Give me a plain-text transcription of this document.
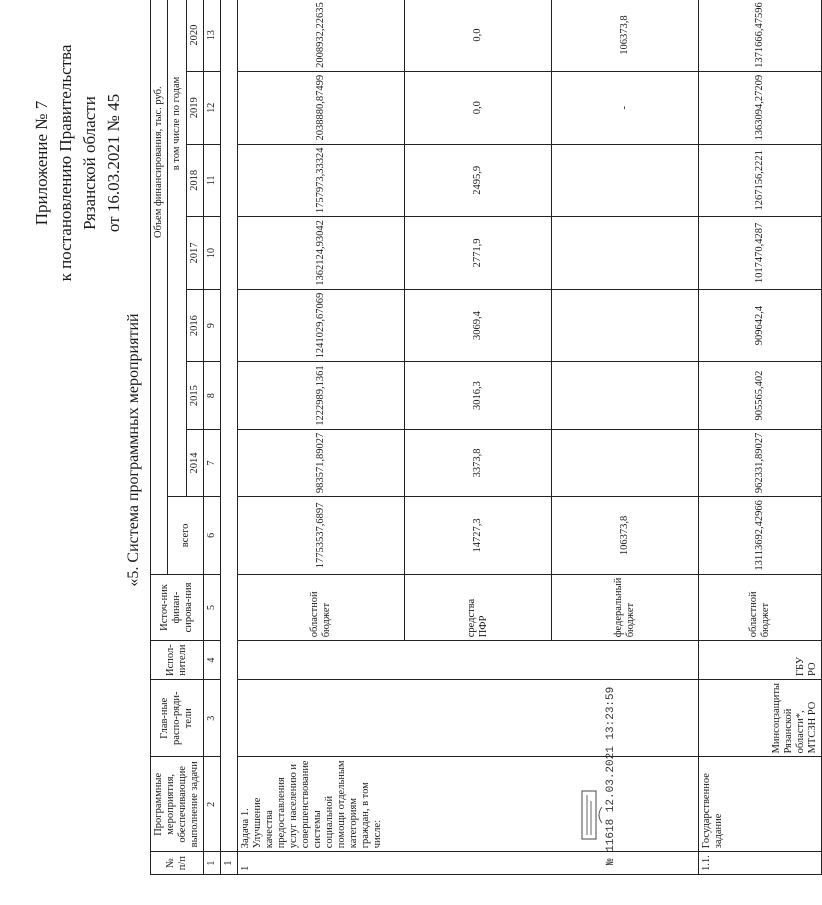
Приложение № 7 к постановлению Правительства Рязанской области от 16.03.2021 № 45
«5. Система программных мероприятий
№ п/п	Программные мероприятия, обеспечивающие выполнение задачи	Глав-ные распо-ряди-тели	Испол-нители	Источ-ник финан-сирова-ния	Объем финансирования, тыс. руб.	
					всего	в том числе по годам											
						2014	2015	2016	2017	2018	2019	2020				
1	2	3	4	5	6	7	8	9	10	11	12	13					
1																	
1	Задача 1. Улучшение качества предоставления услуг населению и совершенствование системы социальной помощи отдельным категориям граждан, в том числе:			областной бюджет	17753537,6897	983571,89027	1222989,1361	1241029,67069	1362124,93042	1757973,33324	2038880,87499	2008932,22635					
				средства ПФР	14727,3	3373,8	3016,3	3069,4	2771,9	2495,9	0,0	0,0				
				федеральный бюджет	106373,8						-	106373,8				
1.1.	Государственное задание	Минсоцзащиты Рязанской области*, МТСЗН РО	ГБУ РО	областной бюджет	13113692,42966	962331,89027	905565,402	909642,4	1017470,4287	1267156,2221	1363094,27209	1371666,47596					
№ 11618 12.03.2021 13:23:59
